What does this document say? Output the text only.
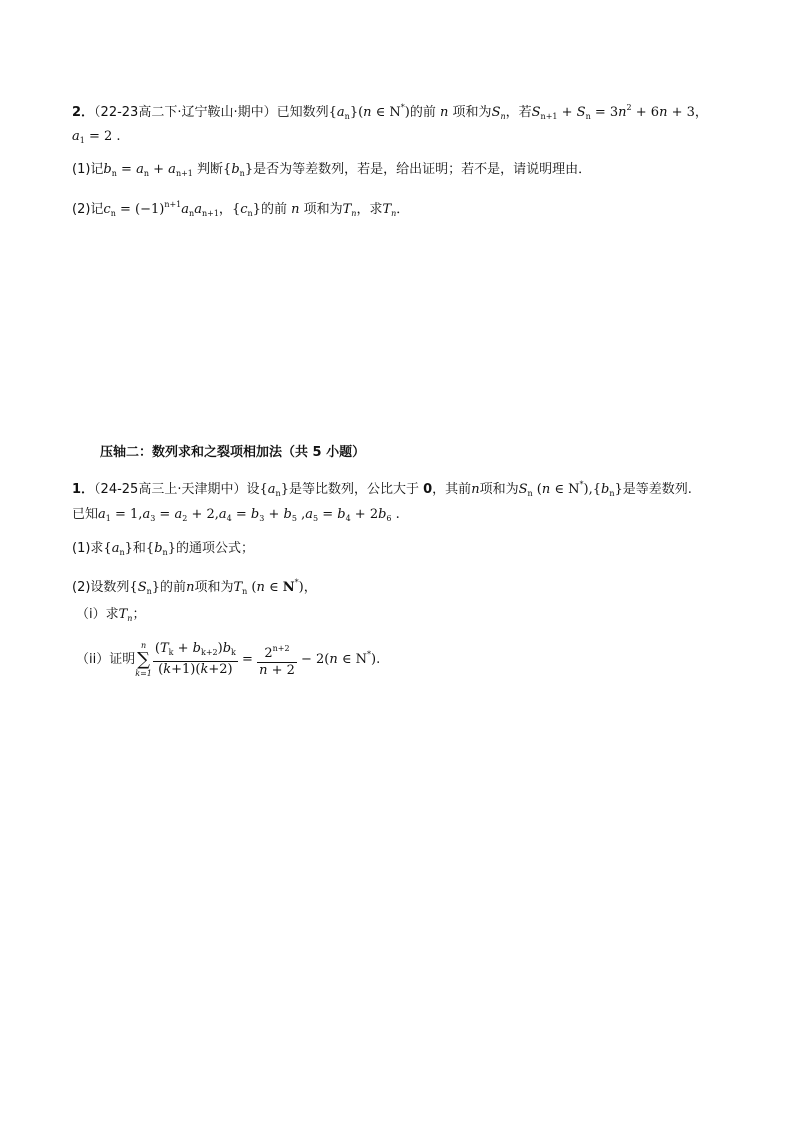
2．（22-23高二下·辽宁鞍山·期中）已知数列$\{a_n\}(n$ ∈ N*)的前 n 项和为$S_n$，若$S_{n+1} + S_n = 3n^2 + 6n + 3$，
$a_1 = 2$ .
(1)记$b_n = a_n + a_{n+1}$ 判断$\{b_n\}$是否为等差数列，若是，给出证明；若不是，请说明理由．
(2)记$c_n = (-1)^{n+1}a_na_{n+1}$，$\{c_n\}$的前 n 项和为$T_n$，求$T_n$．
压轴二：数列求和之裂项相加法（共 5 小题）
1．（24-25高三上·天津期中）设$\{a_n\}$是等比数列，公比大于 0，其前n项和为$S_n$ (n ∈ $N^*),\{b_n\}$是等差数列.
已知$a_1 = 1,a_3 = a_2 + 2,a_4 = b_3 + b_5$ $,a_5 = b_4 + 2b_6$ .
(1)求$\{a_n\}$和$\{b_n\}$的通项公式；
(2)设数列$\{S_n\}$的前n项和为$T_n$ (n ∈ N*)，
（i）求$T_n$；
（ii）证明
n
∑
$k=1 \frac{(T_k + b_{k+2})b_k}{(k+1)(k+2)} = \frac{2^{n+2}}{n + 2} - 2(n$ ∈ N*).
